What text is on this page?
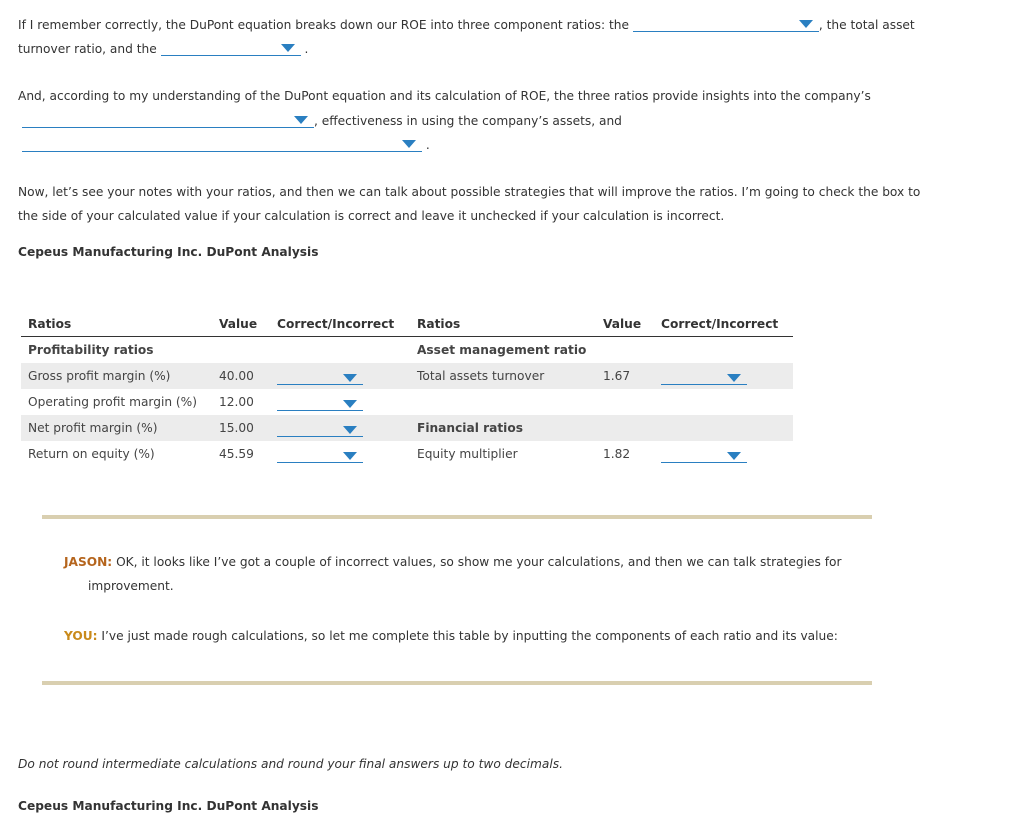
If I remember correctly, the DuPont equation breaks down our ROE into three component ratios: the	, the total asset
turnover ratio, and the	.
And, according to my understanding of the DuPont equation and its calculation of ROE, the three ratios provide insights into the company’s
, effectiveness in using the company’s assets, and
.
Now, let’s see your notes with your ratios, and then we can talk about possible strategies that will improve the ratios. I’m going to check the box to
the side of your calculated value if your calculation is correct and leave it unchecked if your calculation is incorrect.
Cepeus Manufacturing Inc. DuPont Analysis
Ratios	Value	Correct/Incorrect	Ratios	Value	Correct/Incorrect
Profitability ratios			Asset management ratio		
Gross profit margin (%)	40.00		Total assets turnover	1.67	

Operating profit margin (%)	12.00	

Net profit margin (%)	15.00		Financial ratios		
Return on equity (%)	45.59		Equity multiplier	1.82	
JASON: OK, it looks like I’ve got a couple of incorrect values, so show me your calculations, and then we can talk strategies for
improvement.
YOU: I’ve just made rough calculations, so let me complete this table by inputting the components of each ratio and its value:
Do not round intermediate calculations and round your final answers up to two decimals.
Cepeus Manufacturing Inc. DuPont Analysis
